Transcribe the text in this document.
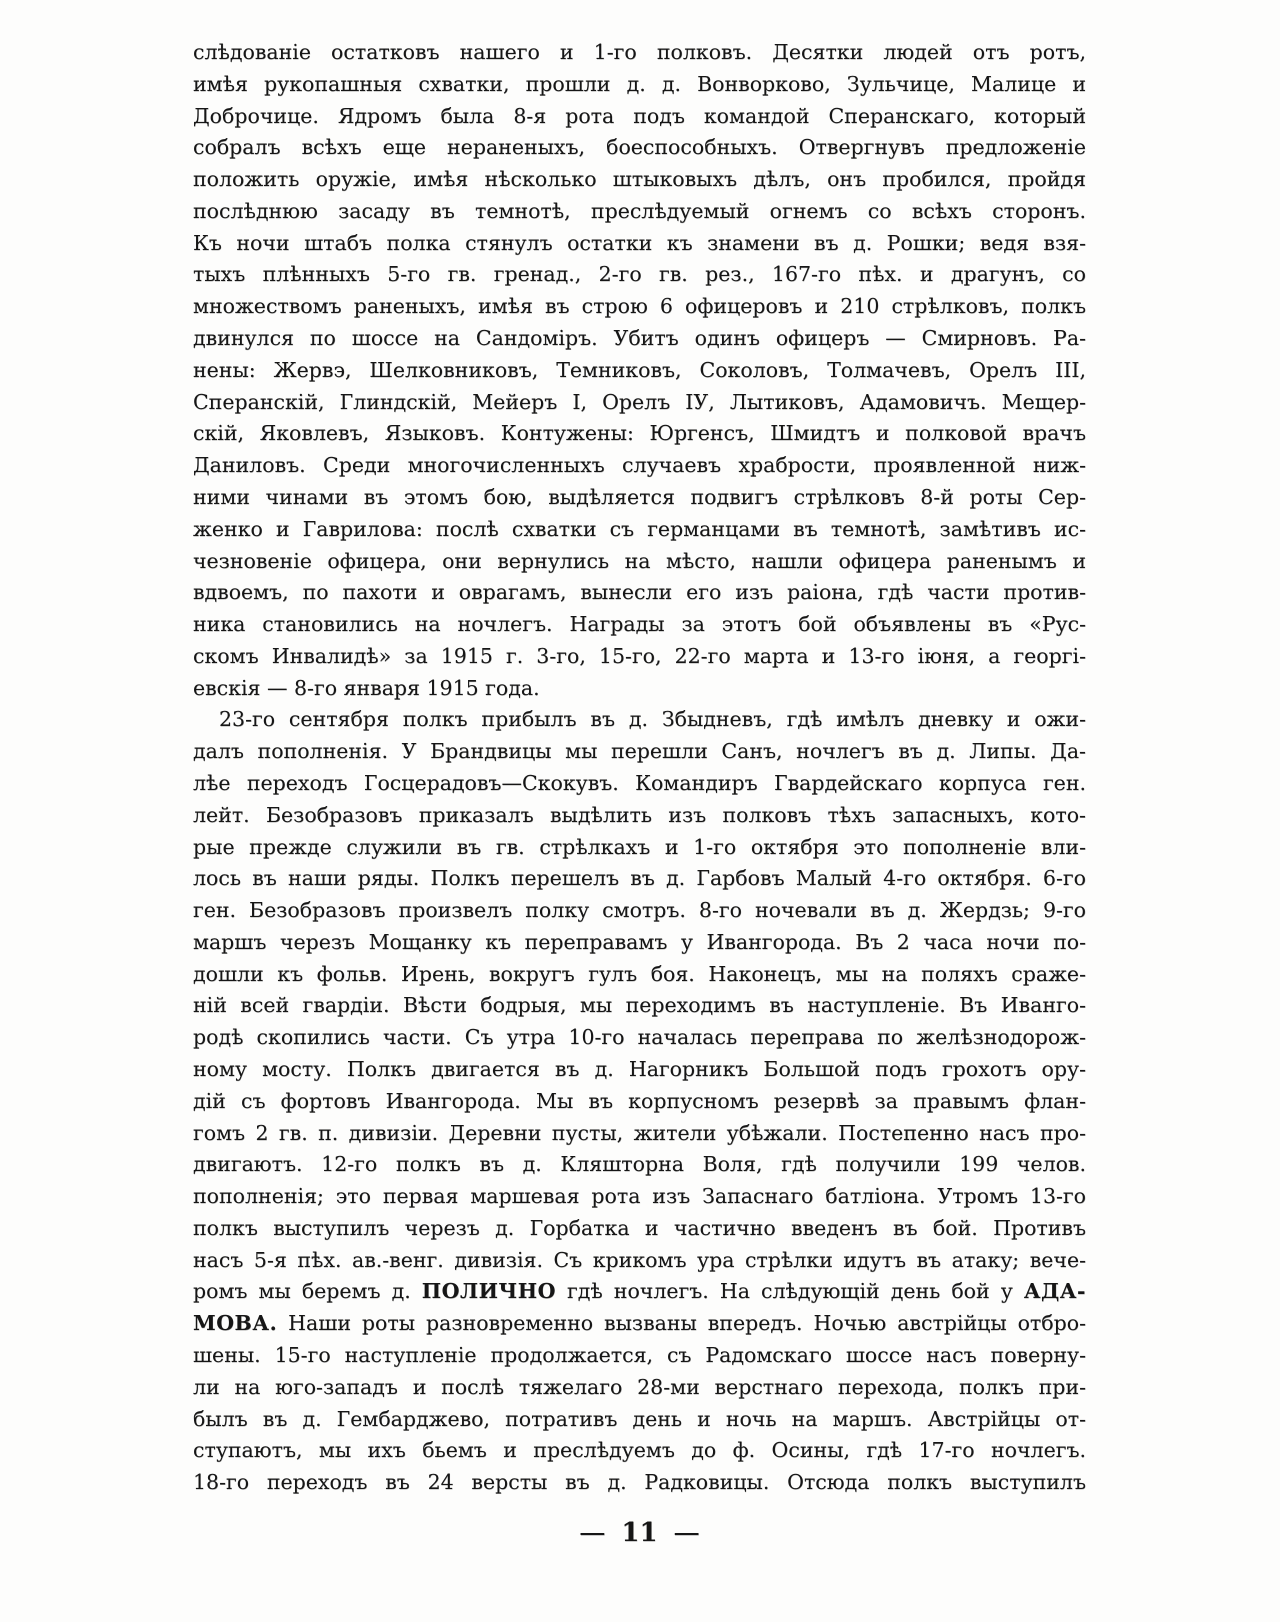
слѣдованіе остатковъ нашего и 1-го полковъ. Десятки людей отъ ротъ,
имѣя рукопашныя схватки, прошли д. д. Вонворково, Зульчице, Малице и
Доброчице. Ядромъ была 8-я рота подъ командой Сперанскаго, который
собралъ всѣхъ еще нераненыхъ, боеспособныхъ. Отвергнувъ предложеніе
положить оружіе, имѣя нѣсколько штыковыхъ дѣлъ, онъ пробился, пройдя
послѣднюю засаду въ темнотѣ, преслѣдуемый огнемъ со всѣхъ сторонъ.
Къ ночи штабъ полка стянулъ остатки къ знамени въ д. Рошки; ведя взя-
тыхъ плѣнныхъ 5-го гв. гренад., 2-го гв. рез., 167-го пѣх. и драгунъ, со
множествомъ раненыхъ, имѣя въ строю 6 офицеровъ и 210 стрѣлковъ, полкъ
двинулся по шоссе на Сандоміръ. Убитъ одинъ офицеръ — Смирновъ. Ра-
нены: Жервэ, Шелковниковъ, Темниковъ, Соколовъ, Толмачевъ, Орелъ III,
Сперанскій, Глиндскій, Мейеръ I, Орелъ ІУ, Лытиковъ, Адамовичъ. Мещер-
скій, Яковлевъ, Языковъ. Контужены: Юргенсъ, Шмидтъ и полковой врачъ
Даниловъ. Среди многочисленныхъ случаевъ храбрости, проявленной ниж-
ними чинами въ этомъ бою, выдѣляется подвигъ стрѣлковъ 8-й роты Сер-
женко и Гаврилова: послѣ схватки съ германцами въ темнотѣ, замѣтивъ ис-
чезновеніе офицера, они вернулись на мѣсто, нашли офицера раненымъ и
вдвоемъ, по пахоти и оврагамъ, вынесли его изъ раіона, гдѣ части против-
ника становились на ночлегъ. Награды за этотъ бой объявлены въ «Рус-
скомъ Инвалидѣ» за 1915 г. 3-го, 15-го, 22-го марта и 13-го іюня, а георгі-
евскія — 8-го января 1915 года.
23-го сентября полкъ прибылъ въ д. Збыдневъ, гдѣ имѣлъ дневку и ожи-
далъ пополненія. У Брандвицы мы перешли Санъ, ночлегъ въ д. Липы. Да-
лѣе переходъ Госцерадовъ—Скокувъ. Командиръ Гвардейскаго корпуса ген.
лейт. Безобразовъ приказалъ выдѣлить изъ полковъ тѣхъ запасныхъ, кото-
рые прежде служили въ гв. стрѣлкахъ и 1-го октября это пополненіе вли-
лось въ наши ряды. Полкъ перешелъ въ д. Гарбовъ Малый 4-го октября. 6-го
ген. Безобразовъ произвелъ полку смотръ. 8-го ночевали въ д. Жердзь; 9-го
маршъ черезъ Мощанку къ переправамъ у Ивангорода. Въ 2 часа ночи по-
дошли къ фольв. Ирень, вокругъ гулъ боя. Наконецъ, мы на поляхъ сраже-
ній всей гвардіи. Вѣсти бодрыя, мы переходимъ въ наступленіе. Въ Иванго-
родѣ скопились части. Съ утра 10-го началась переправа по желѣзнодорож-
ному мосту. Полкъ двигается въ д. Нагорникъ Большой подъ грохотъ ору-
дій съ фортовъ Ивангорода. Мы въ корпусномъ резервѣ за правымъ флан-
гомъ 2 гв. п. дивизіи. Деревни пусты, жители убѣжали. Постепенно насъ про-
двигаютъ. 12-го полкъ въ д. Кляшторна Воля, гдѣ получили 199 челов.
пополненія; это первая маршевая рота изъ Запаснаго батліона. Утромъ 13-го
полкъ выступилъ черезъ д. Горбатка и частично введенъ въ бой. Противъ
насъ 5-я пѣх. ав.-венг. дивизія. Съ крикомъ ура стрѣлки идутъ въ атаку; вече-
ромъ мы беремъ д. ПОЛИЧНО гдѣ ночлегъ. На слѣдующій день бой у АДА-
МОВА. Наши роты разновременно вызваны впередъ. Ночью австрійцы отбро-
шены. 15-го наступленіе продолжается, съ Радомскаго шоссе насъ поверну-
ли на юго-западъ и послѣ тяжелаго 28-ми верстнаго перехода, полкъ при-
былъ въ д. Гембарджево, потративъ день и ночь на маршъ. Австрійцы от-
ступаютъ, мы ихъ бьемъ и преслѣдуемъ до ф. Осины, гдѣ 17-го ночлегъ.
18-го переходъ въ 24 версты въ д. Радковицы. Отсюда полкъ выступилъ
— 11 —
